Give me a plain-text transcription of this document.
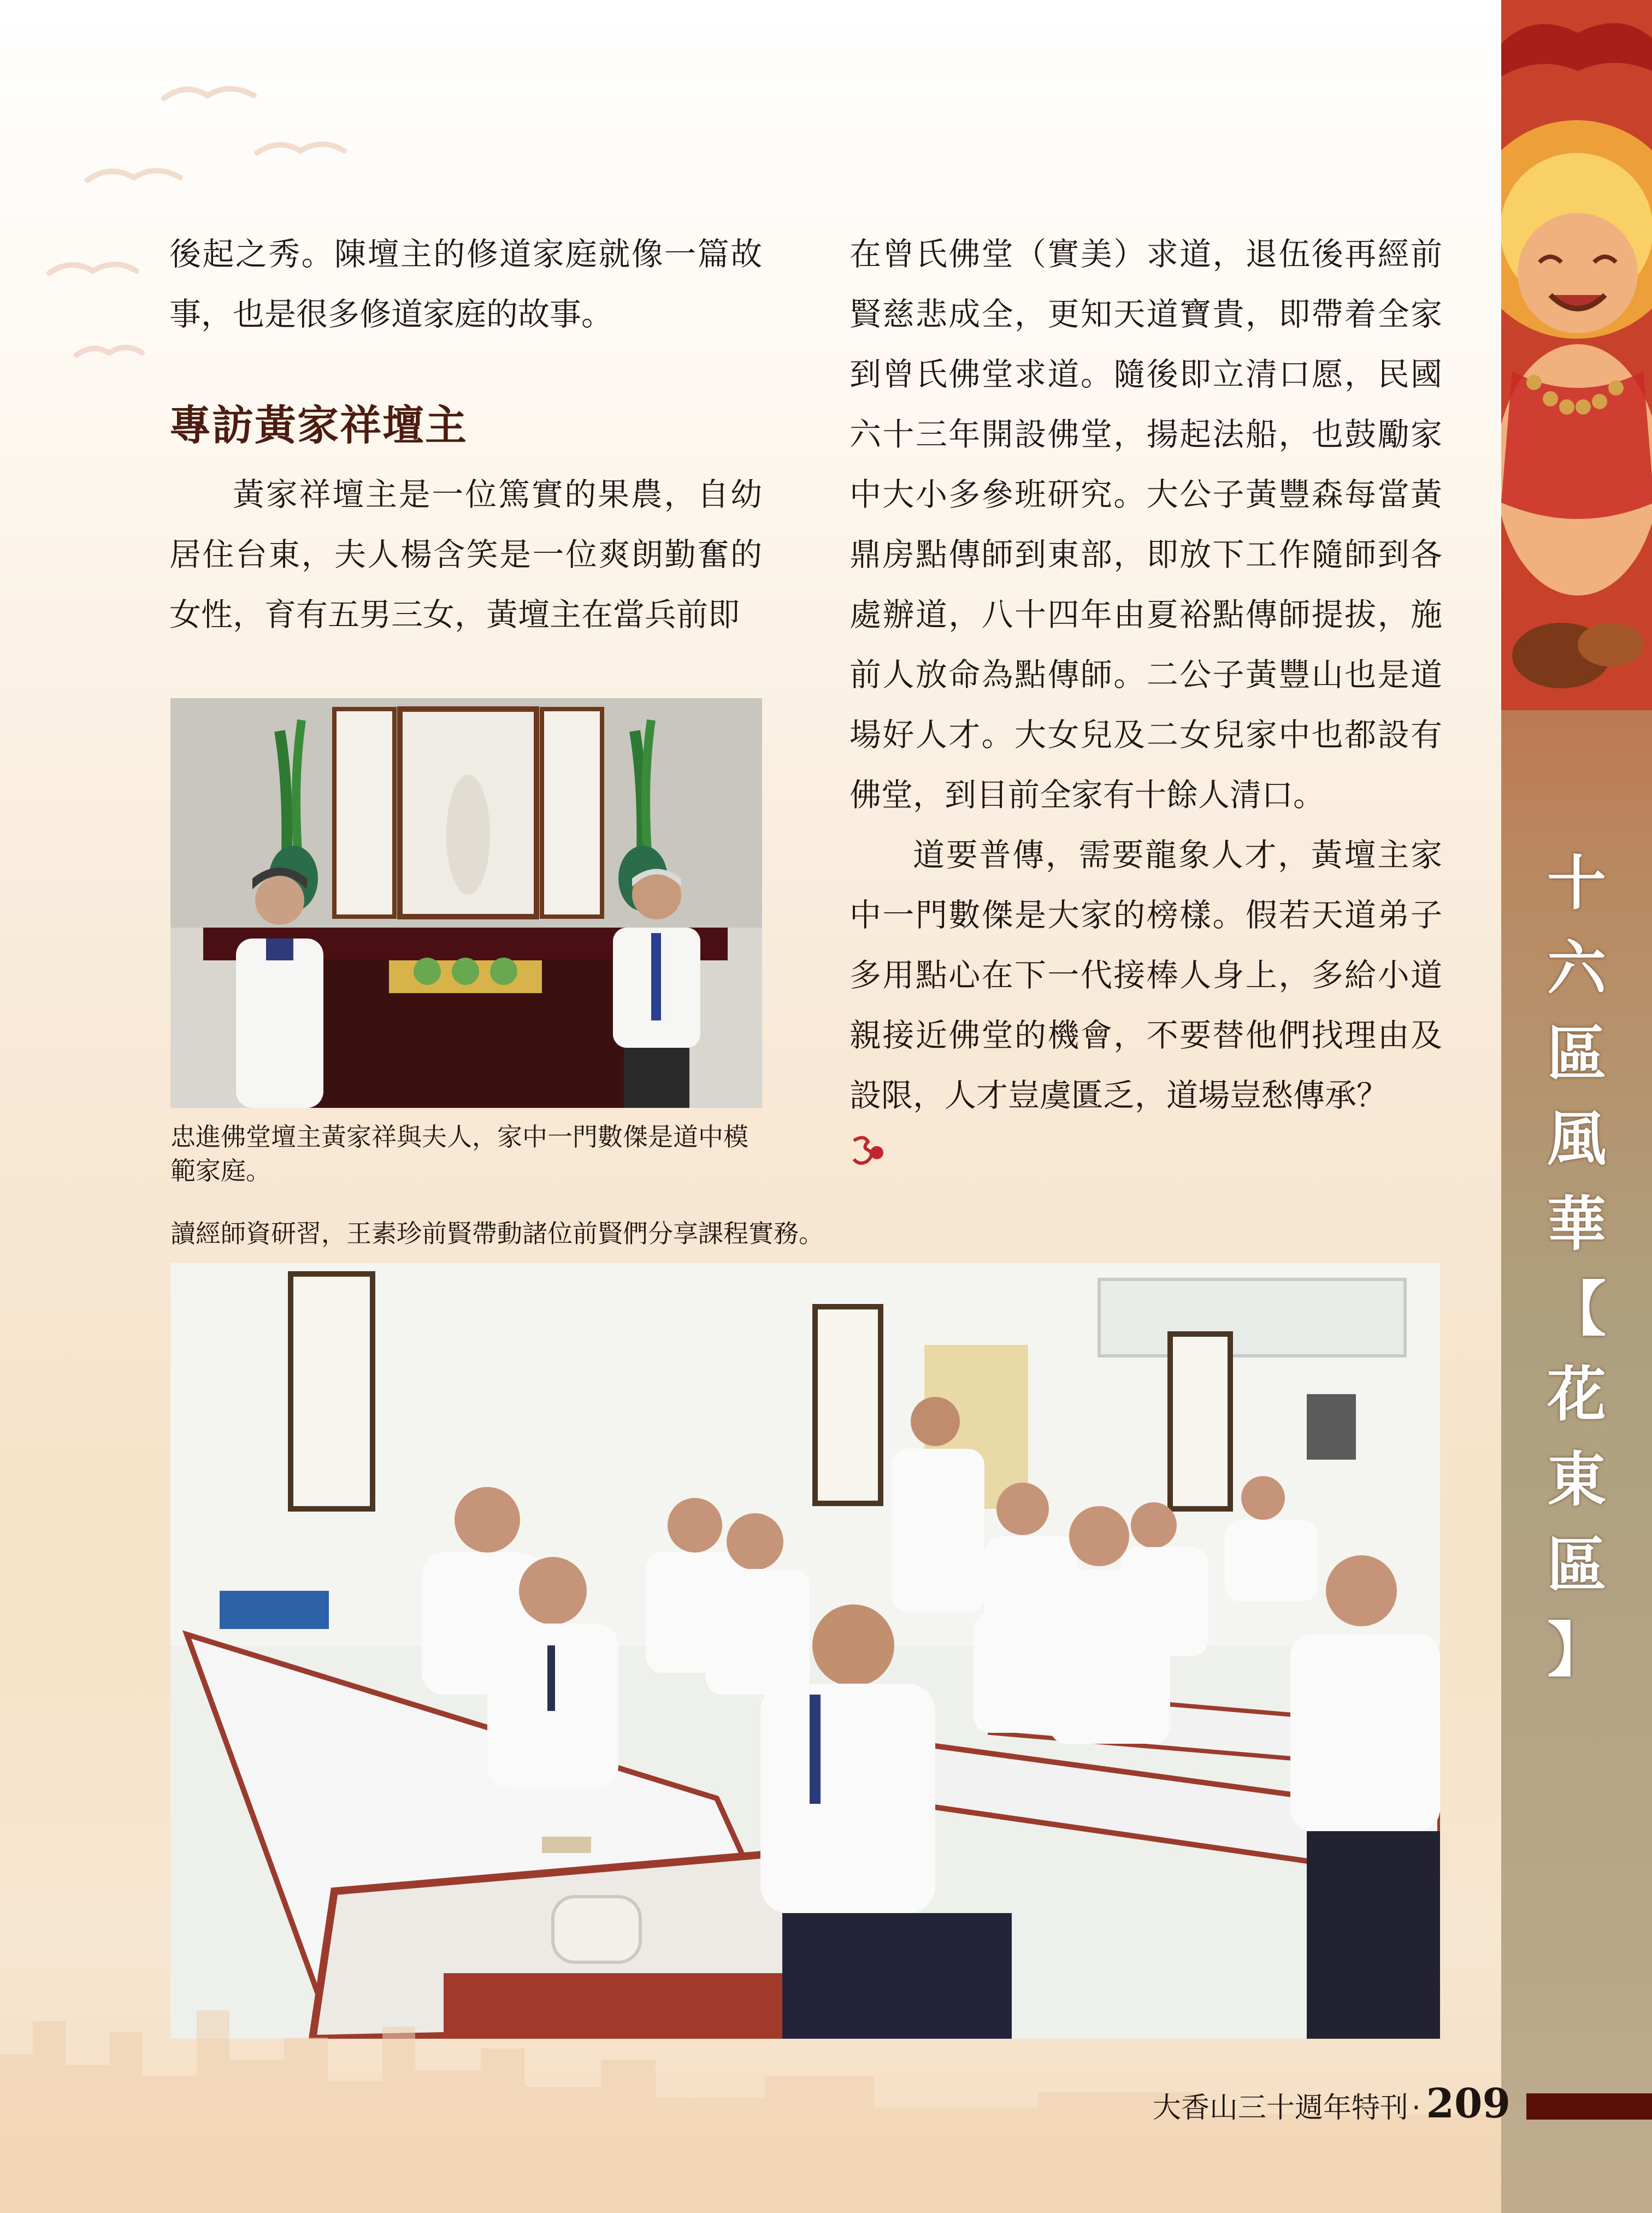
後起之秀。陳壇主的修道家庭就像一篇故事，也是很多修道家庭的故事。

專訪黃家祥壇主

黃家祥壇主是一位篤實的果農，自幼居住台東，夫人楊含笑是一位爽朗勤奮的女性，育有五男三女，黃壇主在當兵前即

忠進佛堂壇主黃家祥與夫人，家中一門數傑是道中模範家庭。

在曾氏佛堂（實美）求道，退伍後再經前賢慈悲成全，更知天道寶貴，即帶着全家到曾氏佛堂求道。隨後即立清口愿，民國六十三年開設佛堂，揚起法船，也鼓勵家中大小多參班研究。大公子黃豐森每當黃鼎房點傳師到東部，即放下工作隨師到各處辦道，八十四年由夏裕點傳師提拔，施前人放命為點傳師。二公子黃豐山也是道場好人才。大女兒及二女兒家中也都設有佛堂，到目前全家有十餘人清口。

道要普傳，需要龍象人才，黃壇主家中一門數傑是大家的榜樣。假若天道弟子多用點心在下一代接棒人身上，多給小道親接近佛堂的機會，不要替他們找理由及設限，人才豈虞匱乏，道場豈愁傳承？

讀經師資研習，王素珍前賢帶動諸位前賢們分享課程實務。
十
六
區
風
華
【
花
東
區
】
大香山三十週年特刊 · 209
